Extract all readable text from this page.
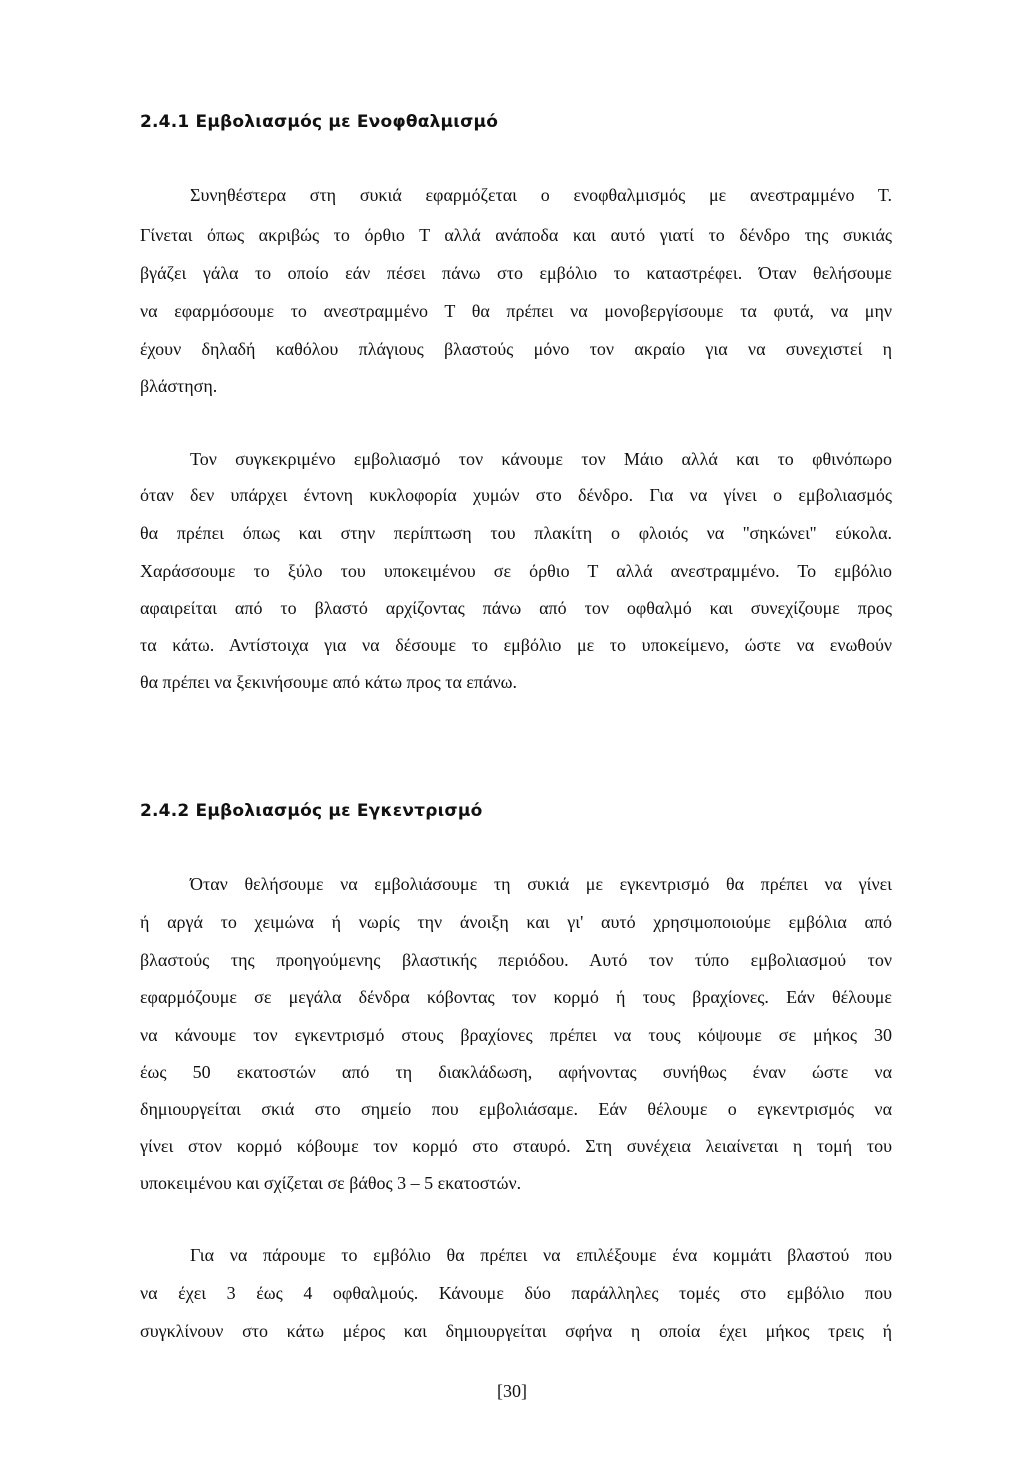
2.4.1 Εμβολιασμός με Ενοφθαλμισμό

Συνηθέστερα στη συκιά εφαρμόζεται ο ενοφθαλμισμός με ανεστραμμένο Τ.

Γίνεται όπως ακριβώς το όρθιο Τ αλλά ανάποδα και αυτό γιατί το δένδρο της συκιάς

βγάζει γάλα το οποίο εάν πέσει πάνω στο εμβόλιο το καταστρέφει. Όταν θελήσουμε

να εφαρμόσουμε το ανεστραμμένο Τ θα πρέπει να μονοβεργίσουμε τα φυτά, να μην

έχουν δηλαδή καθόλου πλάγιους βλαστούς μόνο τον ακραίο για να συνεχιστεί η

βλάστηση.

Τον συγκεκριμένο εμβολιασμό τον κάνουμε τον Μάιο αλλά και το φθινόπωρο

όταν δεν υπάρχει έντονη κυκλοφορία χυμών στο δένδρο. Για να γίνει ο εμβολιασμός

θα πρέπει όπως και στην περίπτωση του πλακίτη ο φλοιός να ''σηκώνει'' εύκολα.

Χαράσσουμε το ξύλο του υποκειμένου σε όρθιο Τ αλλά ανεστραμμένο. Το εμβόλιο

αφαιρείται από το βλαστό αρχίζοντας πάνω από τον οφθαλμό και συνεχίζουμε προς

τα κάτω. Αντίστοιχα για να δέσουμε το εμβόλιο με το υποκείμενο, ώστε να ενωθούν

θα πρέπει να ξεκινήσουμε από κάτω προς τα επάνω.

2.4.2 Εμβολιασμός με Εγκεντρισμό

Όταν θελήσουμε να εμβολιάσουμε τη συκιά με εγκεντρισμό θα πρέπει να γίνει

ή αργά το χειμώνα ή νωρίς την άνοιξη και γι' αυτό χρησιμοποιούμε εμβόλια από

βλαστούς της προηγούμενης βλαστικής περιόδου. Αυτό τον τύπο εμβολιασμού τον

εφαρμόζουμε σε μεγάλα δένδρα κόβοντας τον κορμό ή τους βραχίονες. Εάν θέλουμε

να κάνουμε τον εγκεντρισμό στους βραχίονες πρέπει να τους κόψουμε σε μήκος 30

έως 50 εκατοστών από τη διακλάδωση, αφήνοντας συνήθως έναν ώστε να

δημιουργείται σκιά στο σημείο που εμβολιάσαμε. Εάν θέλουμε ο εγκεντρισμός να

γίνει στον κορμό κόβουμε τον κορμό στο σταυρό. Στη συνέχεια λειαίνεται η τομή του

υποκειμένου και σχίζεται σε βάθος 3 – 5 εκατοστών.

Για να πάρουμε το εμβόλιο θα πρέπει να επιλέξουμε ένα κομμάτι βλαστού που

να έχει 3 έως 4 οφθαλμούς. Κάνουμε δύο παράλληλες τομές στο εμβόλιο που

συγκλίνουν στο κάτω μέρος και δημιουργείται σφήνα η οποία έχει μήκος τρεις ή

[30]
